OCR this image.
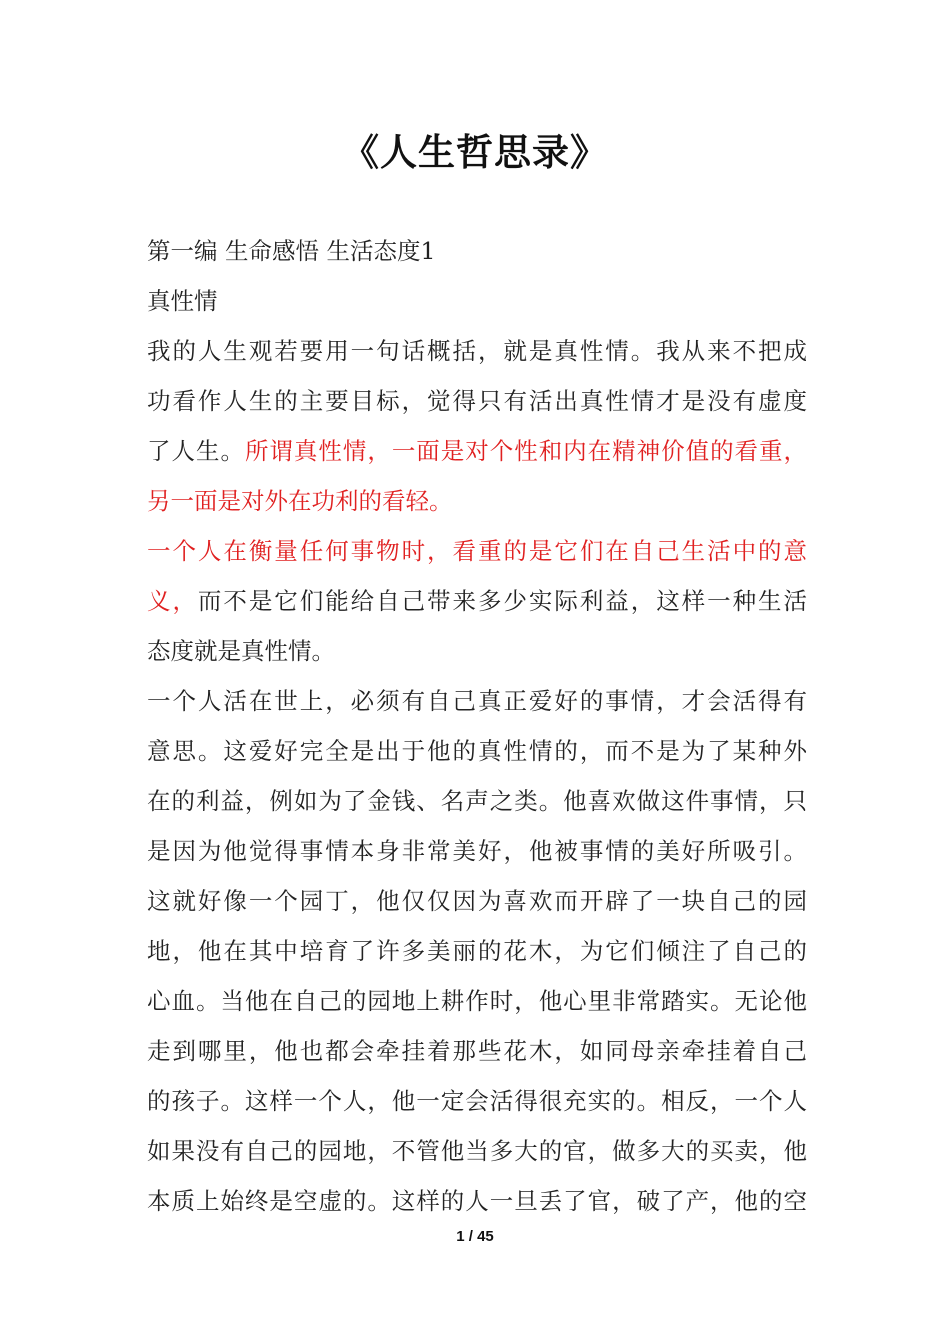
《人生哲思录》
第一编 生命感悟 生活态度1
真性情
我的人生观若要用一句话概括，就是真性情。我从来不把成
功看作人生的主要目标，觉得只有活出真性情才是没有虚度
了人生。所谓真性情，一面是对个性和内在精神价值的看重，
另一面是对外在功利的看轻。
一个人在衡量任何事物时，看重的是它们在自己生活中的意
义，而不是它们能给自己带来多少实际利益，这样一种生活
态度就是真性情。
一个人活在世上，必须有自己真正爱好的事情，才会活得有
意思。这爱好完全是出于他的真性情的，而不是为了某种外
在的利益，例如为了金钱、名声之类。他喜欢做这件事情，只
是因为他觉得事情本身非常美好，他被事情的美好所吸引。
这就好像一个园丁，他仅仅因为喜欢而开辟了一块自己的园
地，他在其中培育了许多美丽的花木，为它们倾注了自己的
心血。当他在自己的园地上耕作时，他心里非常踏实。无论他
走到哪里，他也都会牵挂着那些花木，如同母亲牵挂着自己
的孩子。这样一个人，他一定会活得很充实的。相反，一个人
如果没有自己的园地，不管他当多大的官，做多大的买卖，他
本质上始终是空虚的。这样的人一旦丢了官，破了产，他的空
1 / 45
